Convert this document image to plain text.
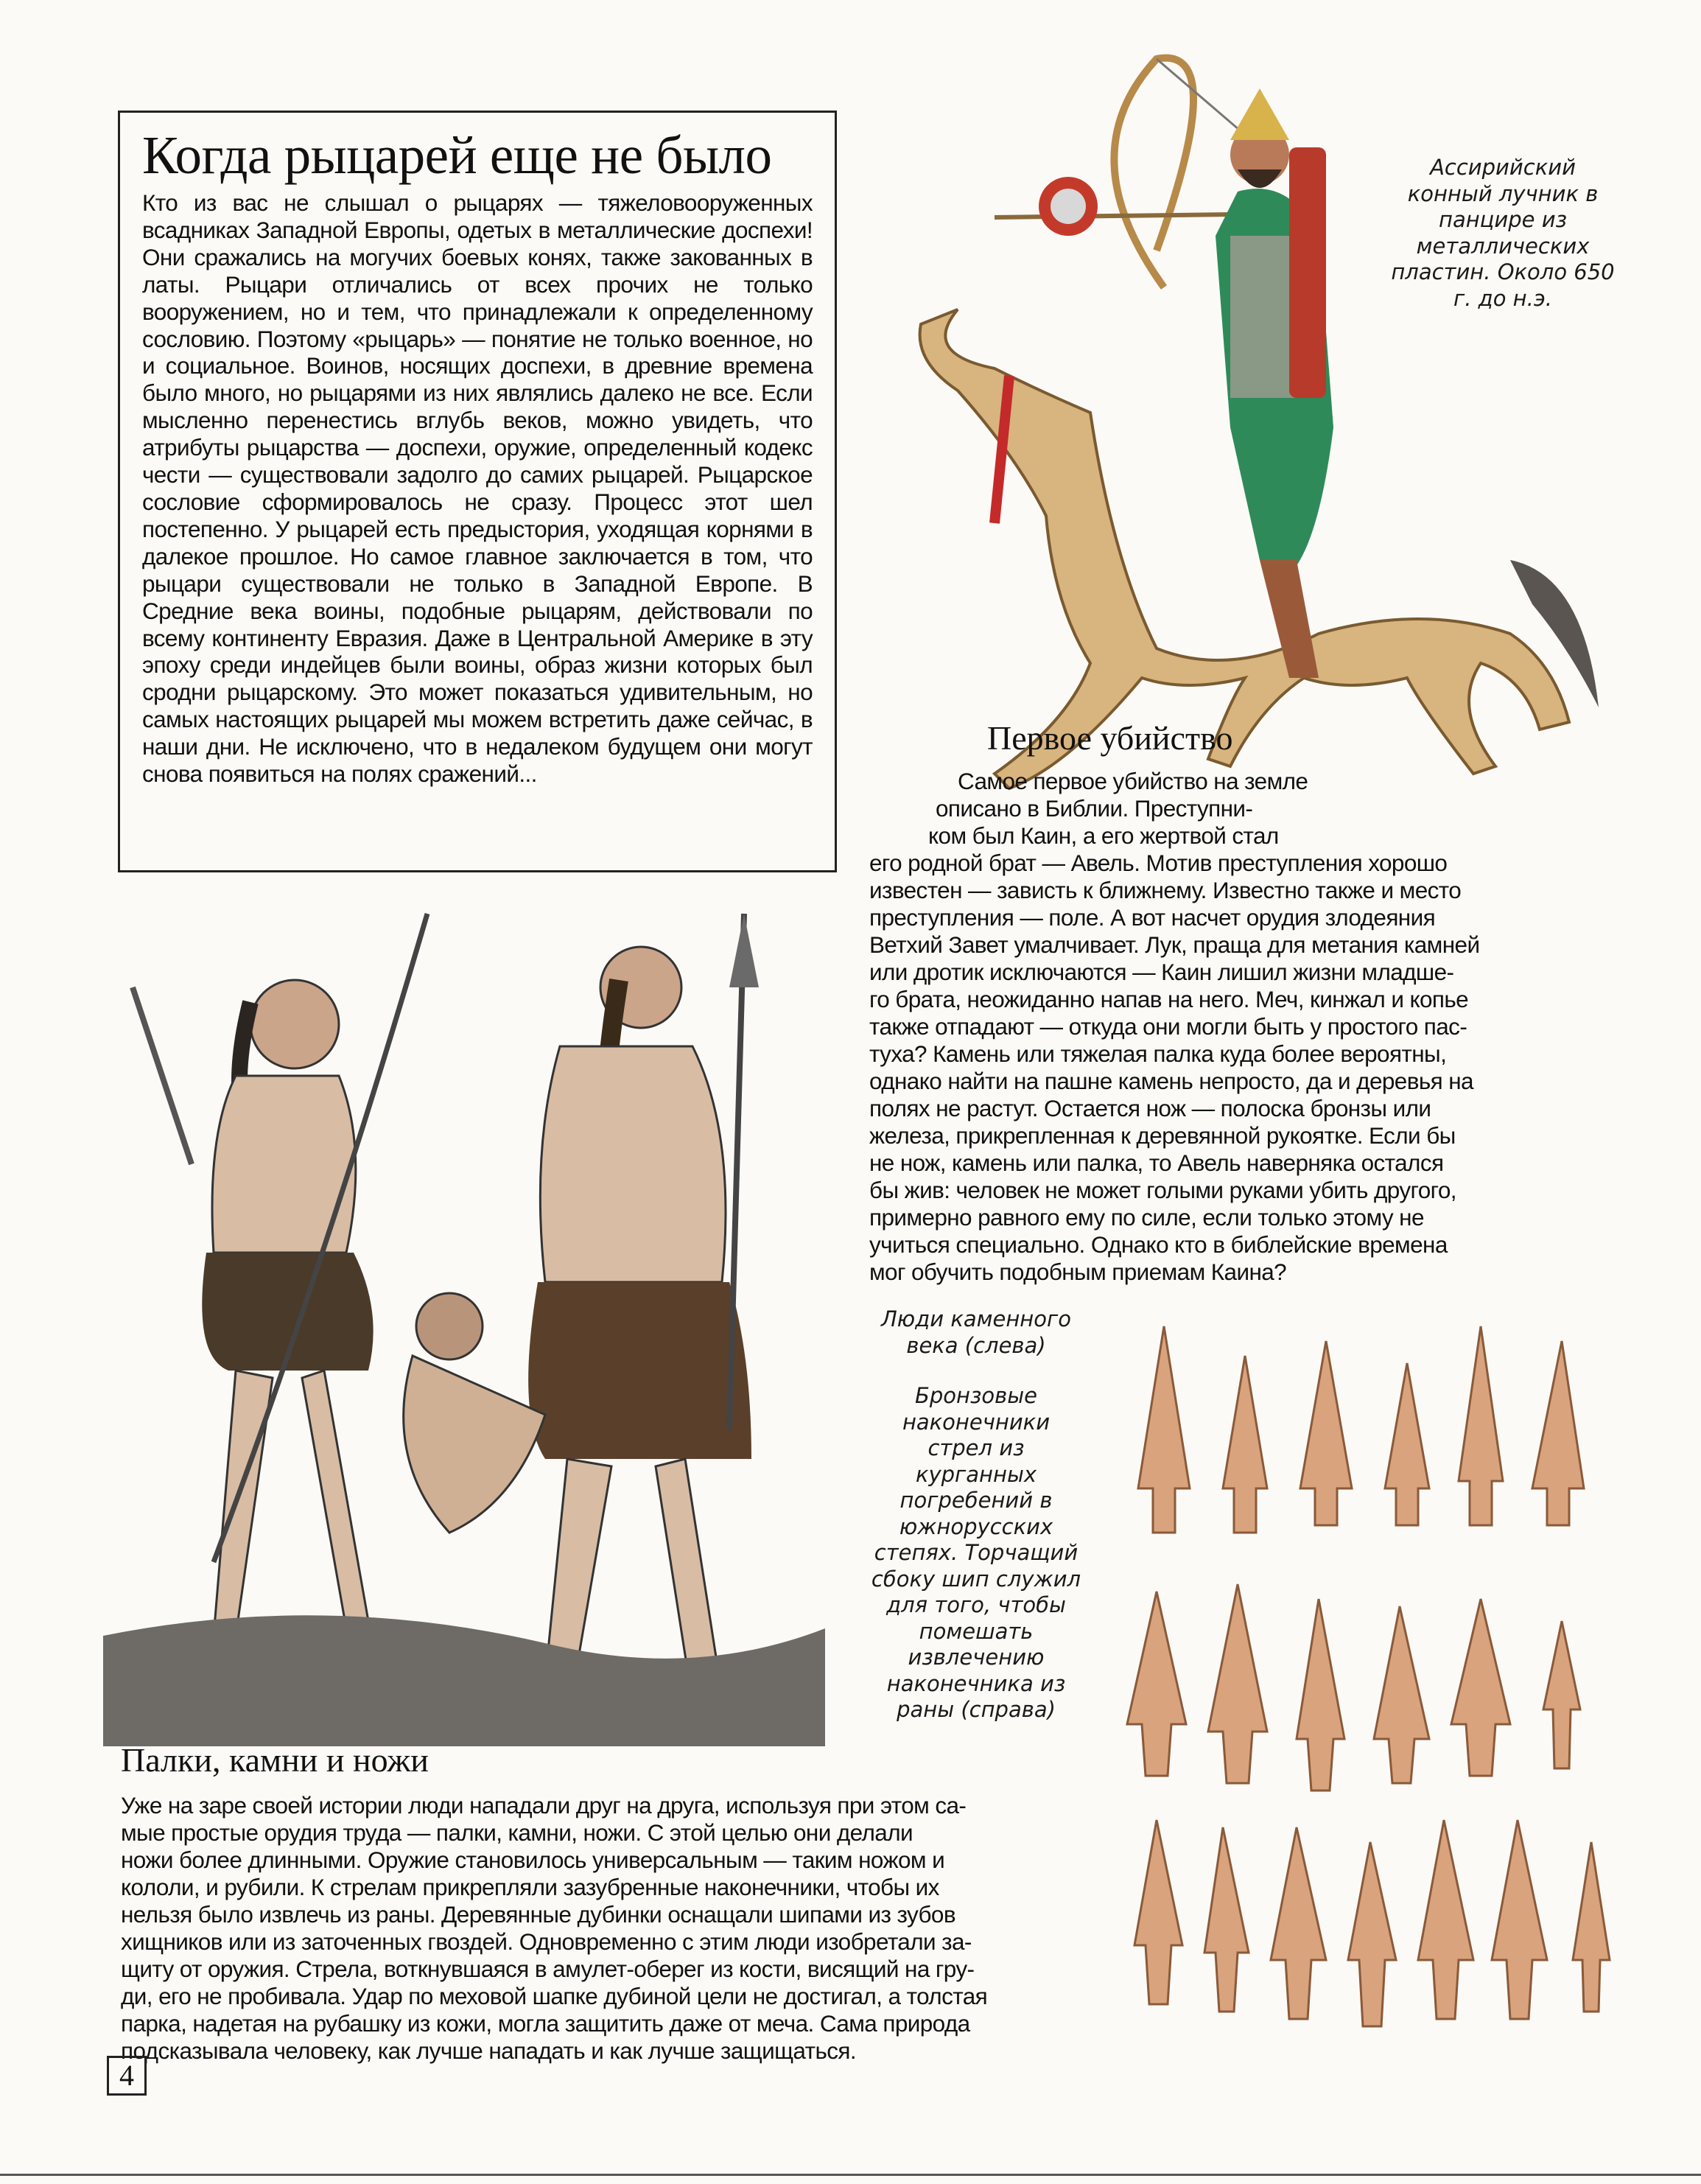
Когда рыцарей еще не было

Кто из вас не слышал о рыцарях — тяжеловооруженных всадниках Западной Европы, одетых в металлические доспехи! Они сражались на могучих боевых конях, также закованных в латы. Рыцари отличались от всех прочих не только вооружением, но и тем, что принадлежали к определенному сословию. Поэтому «рыцарь» — понятие не только военное, но и социальное. Воинов, носящих доспехи, в древние времена было много, но рыцарями из них являлись далеко не все. Если мысленно перенестись вглубь веков, можно увидеть, что атрибуты рыцарства — доспехи, оружие, определенный кодекс чести — существовали задолго до самих рыцарей. Рыцарское сословие сформировалось не сразу. Процесс этот шел постепенно. У рыцарей есть предыстория, уходящая корнями в далекое прошлое. Но самое главное заключается в том, что рыцари существовали не только в Западной Европе. В Средние века воины, подобные рыцарям, действовали по всему континенту Евразия. Даже в Центральной Америке в эту эпоху среди индейцев были воины, образ жизни которых был сродни рыцарскому. Это может показаться удивительным, но самых настоящих рыцарей мы можем встретить даже сейчас, в наши дни. Не исключено, что в недалеком будущем они могут снова появиться на полях сражений...

Ассирийский конный лучник в панцире из металлических пластин. Около 650 г. до н.э.

Первое убийство

Самое первое убийство на земле

описано в Библии. Преступни-

ком был Каин, а его жертвой стал

его родной брат — Авель. Мотив преступления хорошо

известен — зависть к ближнему. Известно также и место

преступления — поле. А вот насчет орудия злодеяния

Ветхий Завет умалчивает. Лук, праща для метания камней

или дротик исключаются — Каин лишил жизни младше-

го брата, неожиданно напав на него. Меч, кинжал и копье

также отпадают — откуда они могли быть у простого пас-

туха? Камень или тяжелая палка куда более вероятны,

однако найти на пашне камень непросто, да и деревья на

полях не растут. Остается нож — полоска бронзы или

железа, прикрепленная к деревянной рукоятке. Если бы

не нож, камень или палка, то Авель наверняка остался

бы жив: человек не может голыми руками убить другого,

примерно равного ему по силе, если только этому не

учиться специально. Однако кто в библейские времена

мог обучить подобным приемам Каина?

Люди каменного века (слева)

Бронзовые наконечники стрел из курганных погребений в южнорусских степях. Торчащий сбоку шип служил для того, чтобы помешать извлечению наконечника из раны (справа)

Палки, камни и ножи

Уже на заре своей истории люди нападали друг на друга, используя при этом са-

мые простые орудия труда — палки, камни, ножи. С этой целью они делали

ножи более длинными. Оружие становилось универсальным — таким ножом и

кололи, и рубили. К стрелам прикрепляли зазубренные наконечники, чтобы их

нельзя было извлечь из раны. Деревянные дубинки оснащали шипами из зубов

хищников или из заточенных гвоздей. Одновременно с этим люди изобретали за-

щиту от оружия. Стрела, воткнувшаяся в амулет-оберег из кости, висящий на гру-

ди, его не пробивала. Удар по меховой шапке дубиной цели не достигал, а толстая

парка, надетая на рубашку из кожи, могла защитить даже от меча. Сама природа

подсказывала человеку, как лучше нападать и как лучше защищаться.

4
